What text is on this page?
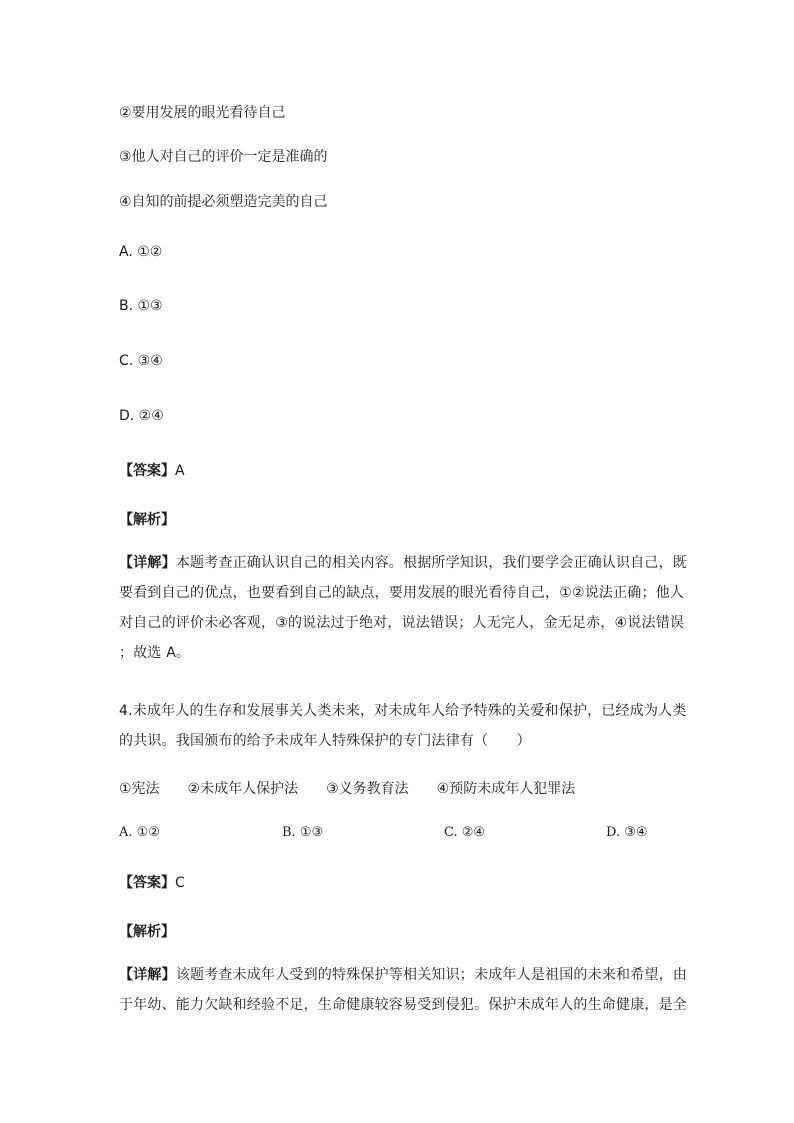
②要用发展的眼光看待自己
③他人对自己的评价一定是准确的
④自知的前提必须塑造完美的自己
A. ①②
B. ①③
C. ③④
D. ②④
【答案】A
【解析】
【详解】本题考查正确认识自己的相关内容。根据所学知识，我们要学会正确认识自己，既
要看到自己的优点，也要看到自己的缺点，要用发展的眼光看待自己，①②说法正确；他人
对自己的评价未必客观，③的说法过于绝对，说法错误；人无完人，金无足赤，④说法错误
；故选 A。
4.未成年人的生存和发展事关人类未来，对未成年人给予特殊的关爱和保护，已经成为人类
的共识。我国颁布的给予未成年人特殊保护的专门法律有（　　）
①宪法　　②未成年人保护法　　③义务教育法　　④预防未成年人犯罪法
A. ①②	B. ①③	C. ②④	D. ③④
【答案】C
【解析】
【详解】该题考查未成年人受到的特殊保护等相关知识；未成年人是祖国的未来和希望，由
于年幼、能力欠缺和经验不足，生命健康较容易受到侵犯。保护未成年人的生命健康，是全
